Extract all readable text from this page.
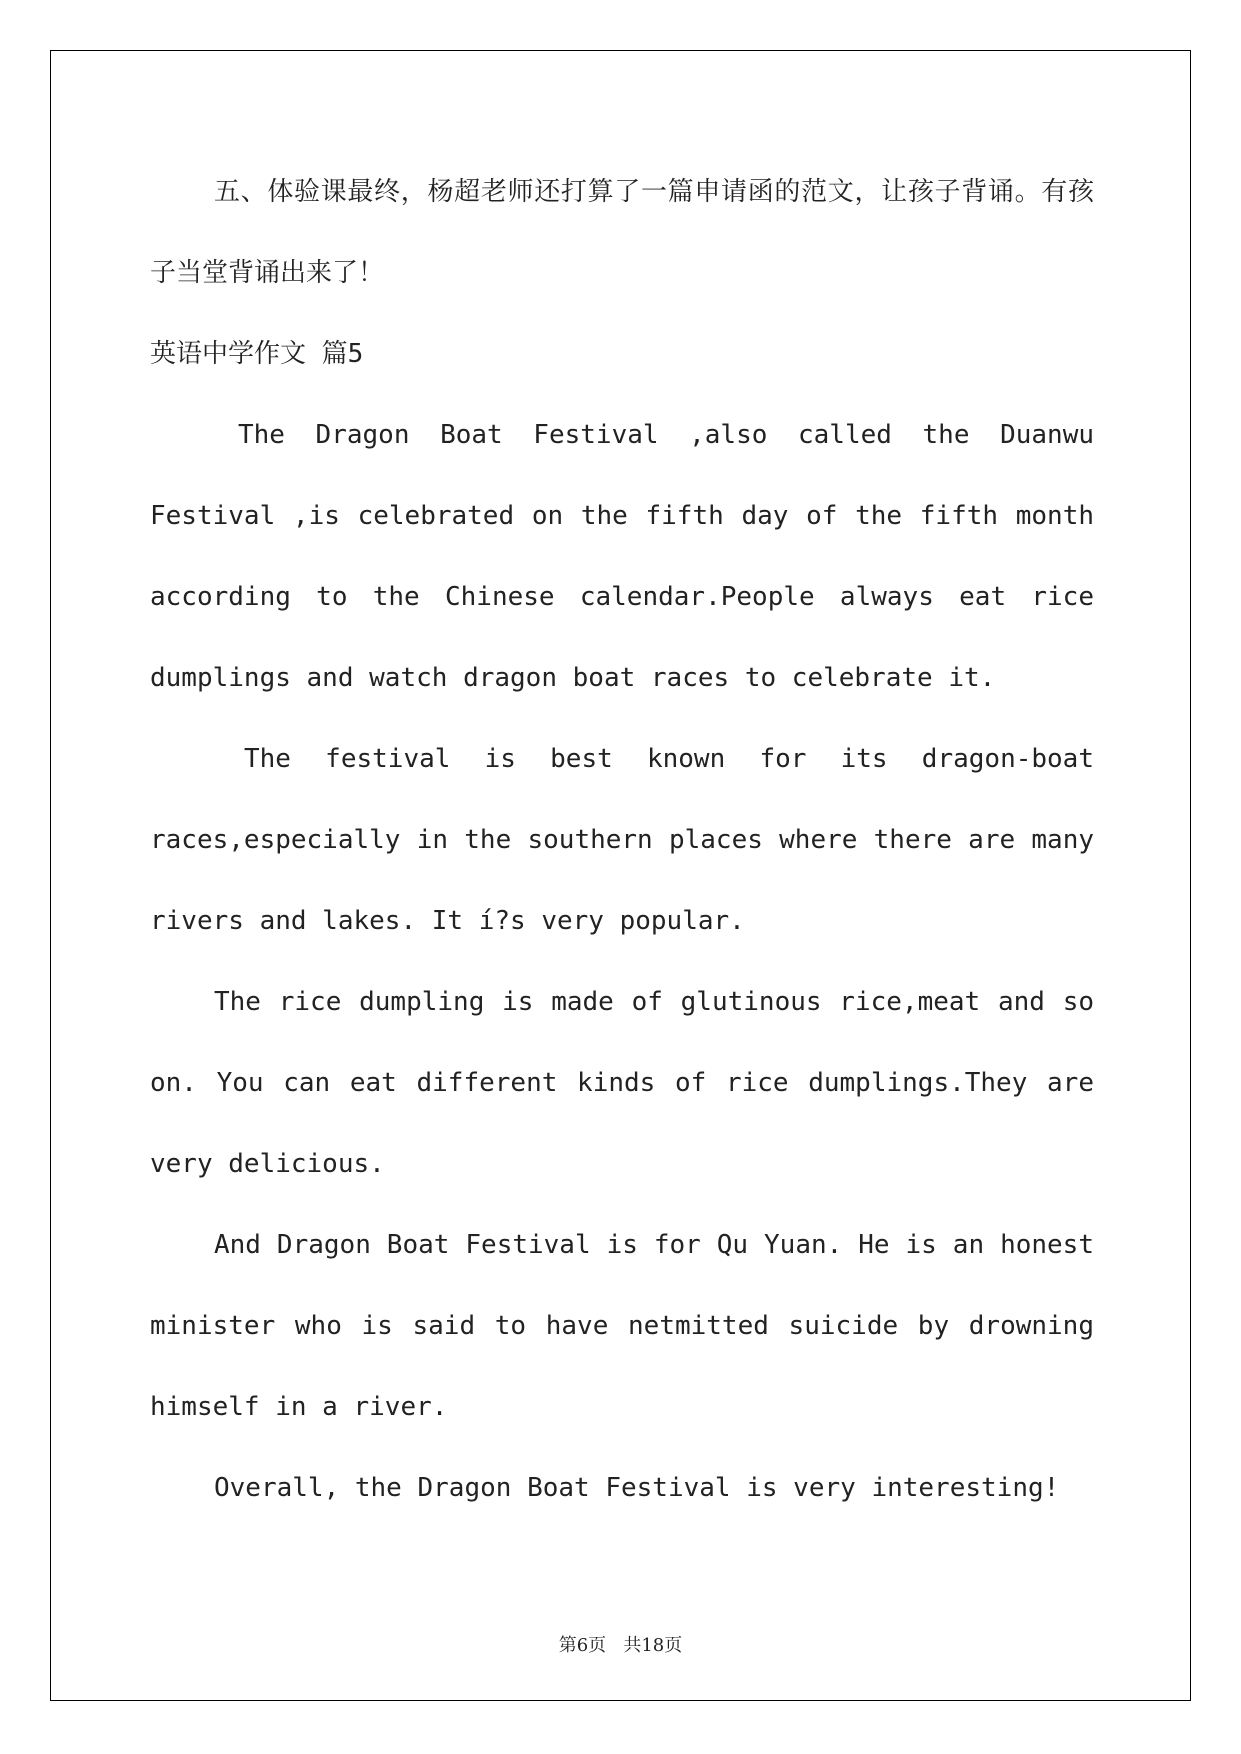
五、体验课最终，杨超老师还打算了一篇申请函的范文，让孩子背诵。有孩子当堂背诵出来了！

英语中学作文 篇5

The Dragon Boat Festival ,also called the Duanwu Festival ,is celebrated on the fifth day of the fifth month according to the Chinese calendar.People always eat rice dumplings and watch dragon boat races to celebrate it.

The festival is best known for its dragon-boat races,especially in the southern places where there are many rivers and lakes. It í?s very popular.

The rice dumpling is made of glutinous rice,meat and so on. You can eat different kinds of rice dumplings.They are very delicious.

And Dragon Boat Festival is for Qu Yuan. He is an honest minister who is said to have netmitted suicide by drowning himself in a river.

Overall, the Dragon Boat Festival is very interesting!

第6页 共18页
